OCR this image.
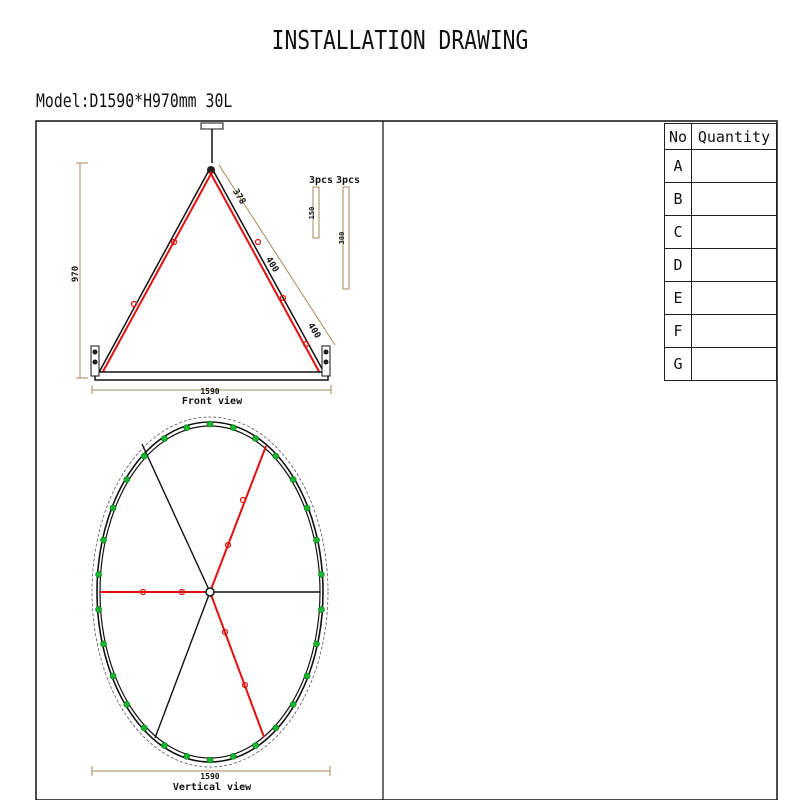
INSTALLATION DRAWING
Model:D1590*H970mm 30L
970
378
400
400
3pcs 3pcs
150
300
1590
Front view
1590
Vertical view
No	Quantity
A	
B	
C	
D	
E	
F	
G	
